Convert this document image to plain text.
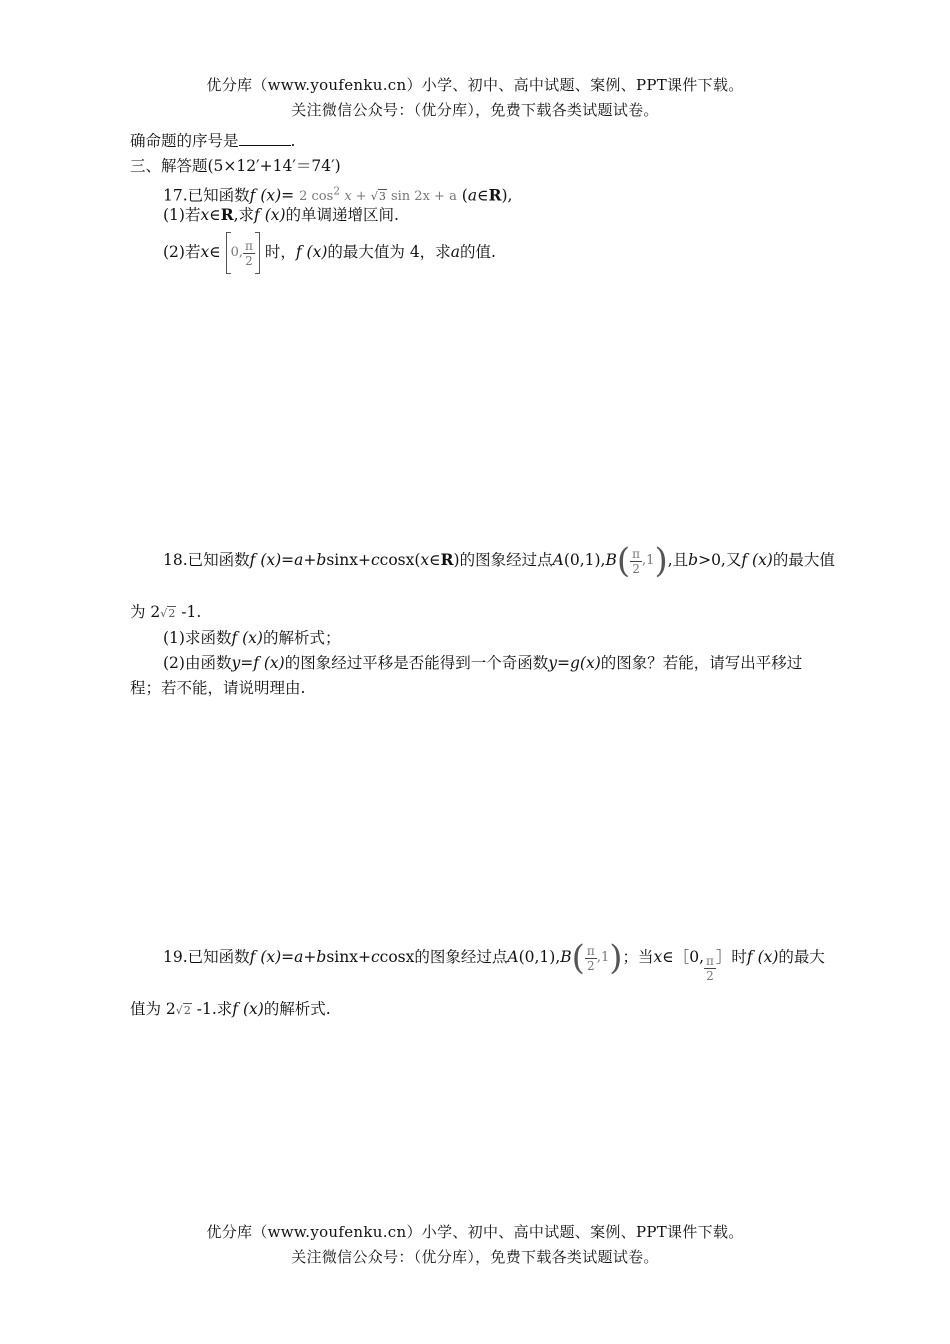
优分库（www.youfenku.cn）小学、初中、高中试题、案例、PPT课件下载。
关注微信公众号：（优分库），免费下载各类试题试卷。
确命题的序号是	.
三、解答题(5×12′+14′＝74′)
17.已知函数f (x)= 2 $\cos^2 x + √3$ sin 2x + a (a∈R),
(1)若x∈R,求f (x)的单调递增区间.
(2)若x∈ 0, $\frac{\pi}{2}$ 时，f (x)的最大值为 4，求a的值.
18.已知函数f (x)=a+bsinx+ccosx(x∈R)的图象经过点$A(0,1),B( \frac{\pi}{2} ,1)$,且b>0,又f (x)的最大值
为 2√2 -1.
(1)求函数f (x)的解析式；
(2)由函数y=f (x)的图象经过平移是否能得到一个奇函数y=g(x)的图象？若能，请写出平移过
程；若不能，请说明理由.
19.已知函数f (x)=a+bsinx+ccosx的图象经过点$A(0,1),B( \frac{\pi}{2} ,1)$；当x∈［0, $\frac{\pi}{2}$ ］时f (x)的最大
值为 2√2 -1.求f (x)的解析式.
优分库（www.youfenku.cn）小学、初中、高中试题、案例、PPT课件下载。
关注微信公众号：（优分库），免费下载各类试题试卷。
